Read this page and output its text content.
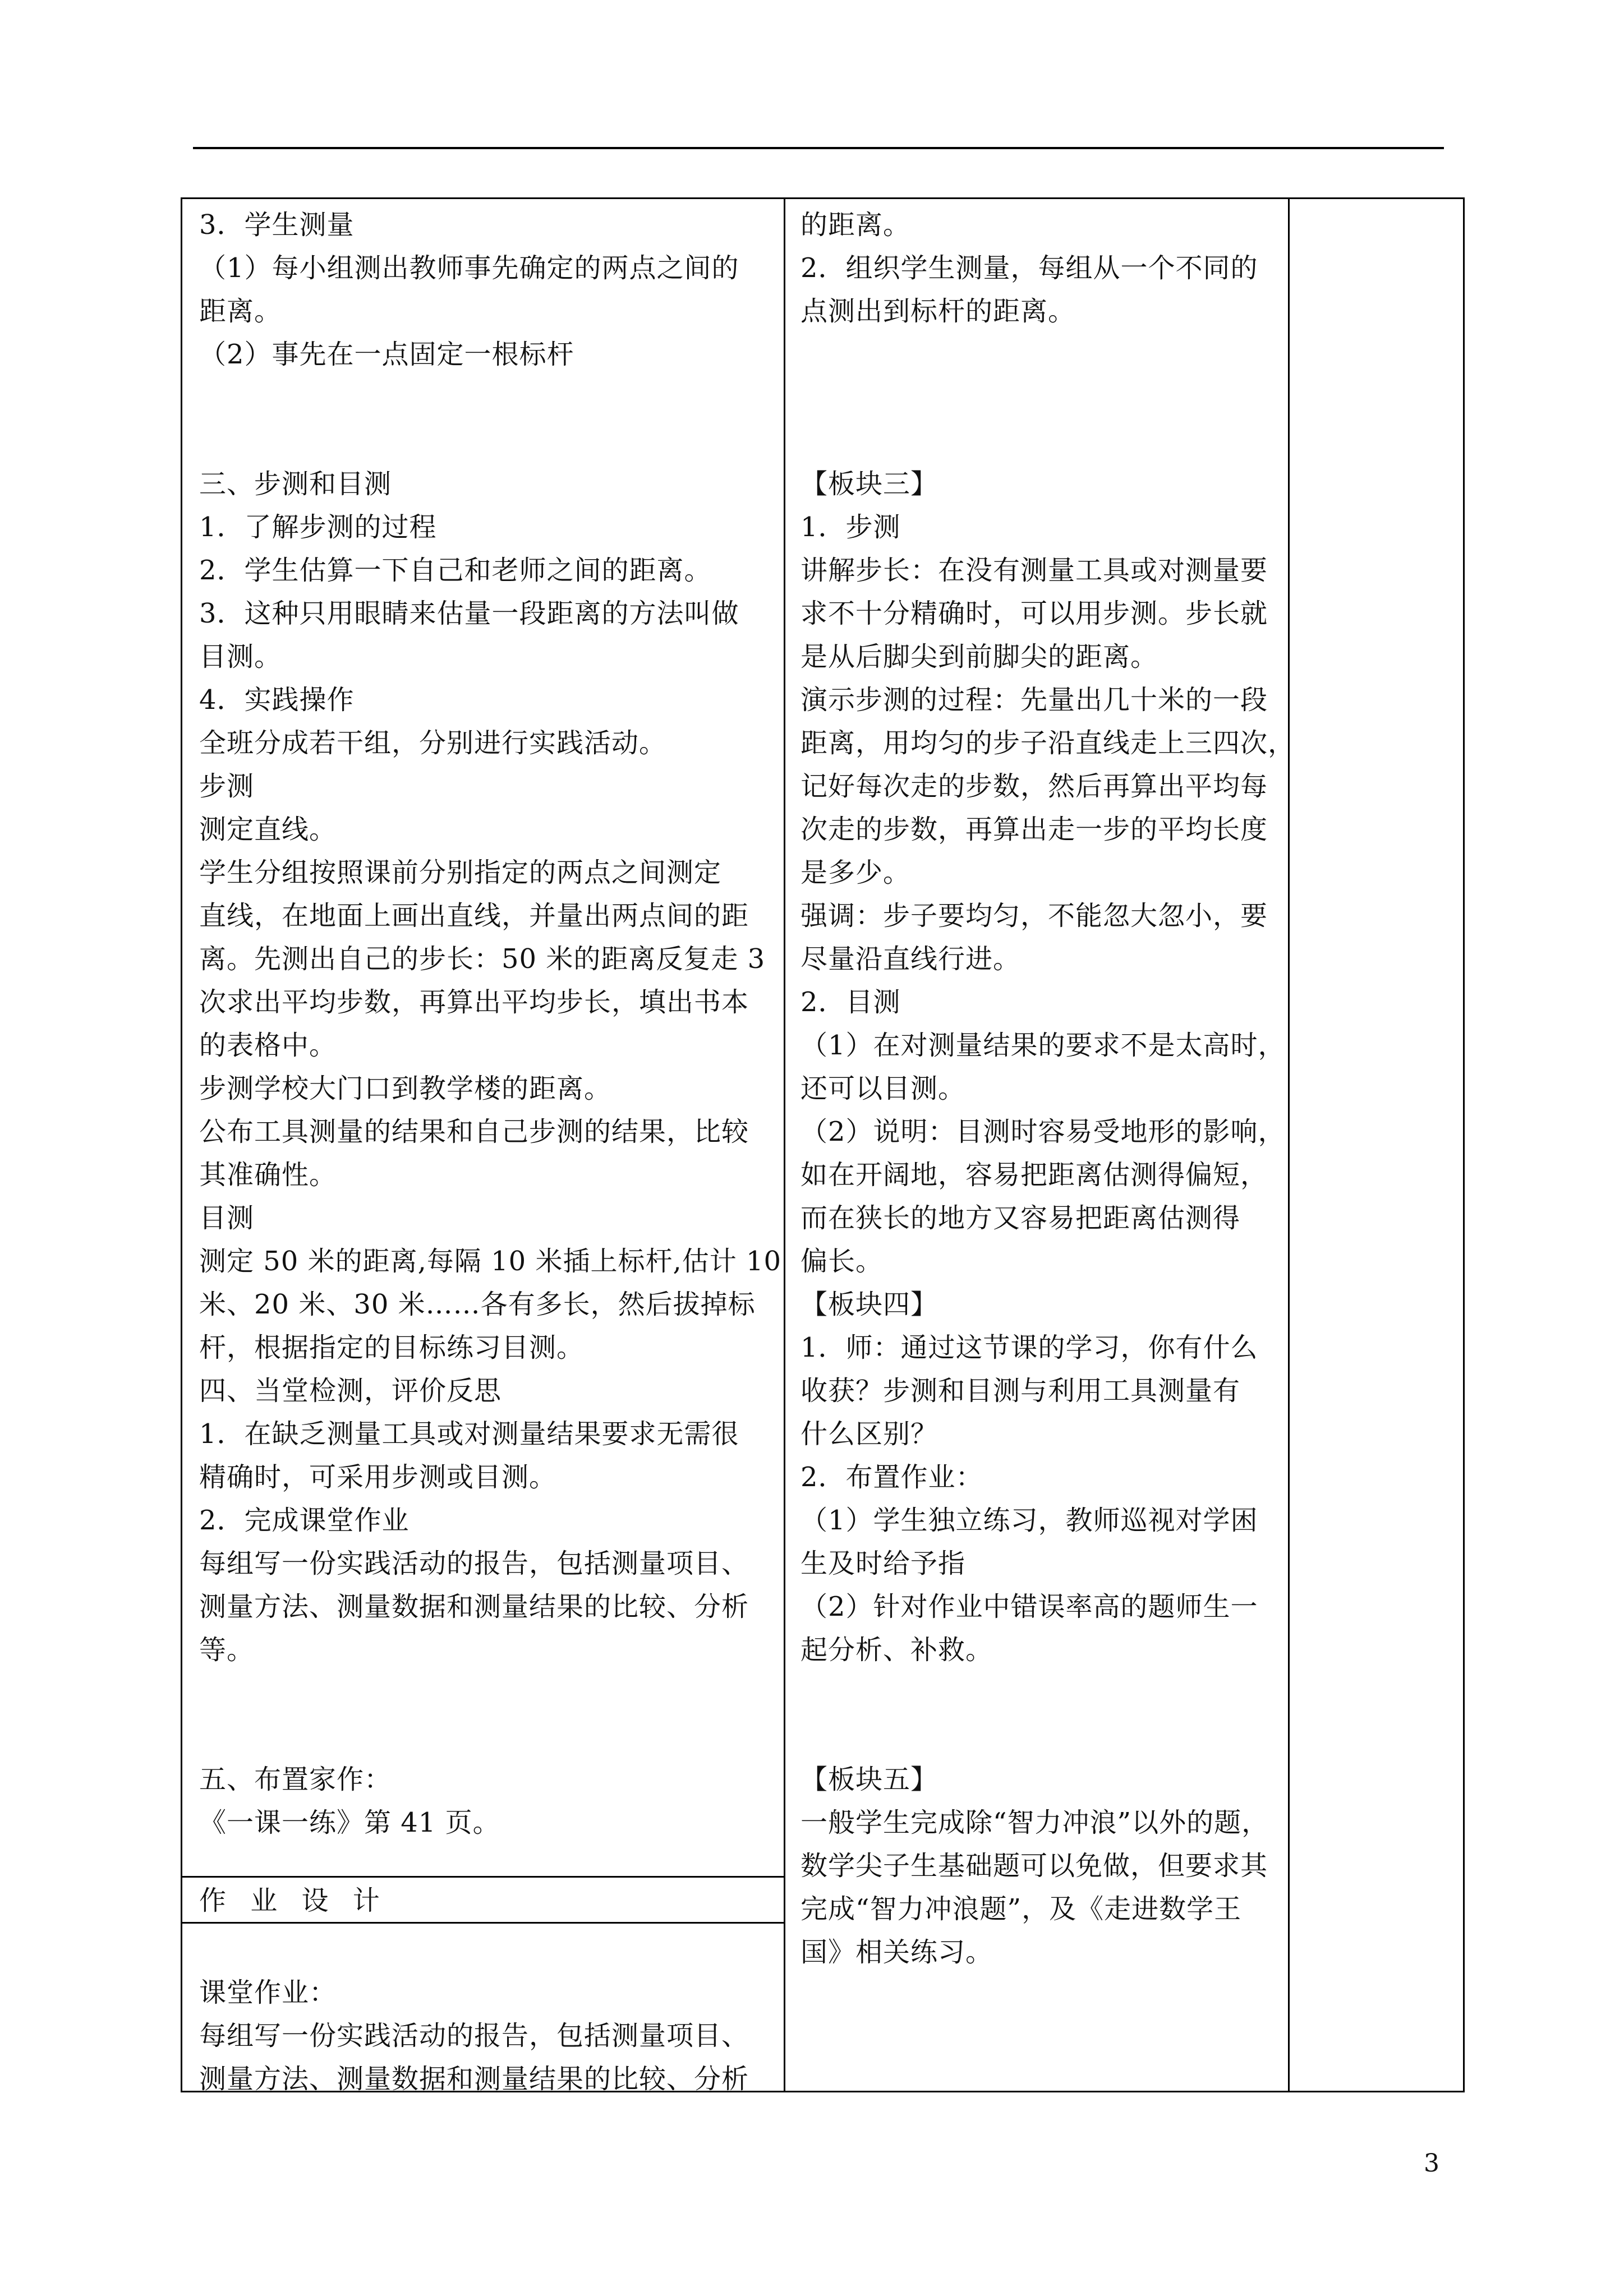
3．学生测量
（1）每小组测出教师事先确定的两点之间的
距离。
（2）事先在一点固定一根标杆
三、步测和目测
1．了解步测的过程
2．学生估算一下自己和老师之间的距离。
3．这种只用眼睛来估量一段距离的方法叫做
目测。
4．实践操作
全班分成若干组，分别进行实践活动。
步测
测定直线。
学生分组按照课前分别指定的两点之间测定
直线，在地面上画出直线，并量出两点间的距
离。先测出自己的步长：50 米的距离反复走 3
次求出平均步数，再算出平均步长，填出书本
的表格中。
步测学校大门口到教学楼的距离。
公布工具测量的结果和自己步测的结果，比较
其准确性。
目测
测定 50 米的距离,每隔 10 米插上标杆,估计 10
米、20 米、30 米……各有多长，然后拔掉标
杆，根据指定的目标练习目测。
四、当堂检测，评价反思
1．在缺乏测量工具或对测量结果要求无需很
精确时，可采用步测或目测。
2．完成课堂作业
每组写一份实践活动的报告，包括测量项目、
测量方法、测量数据和测量结果的比较、分析
等。
五、布置家作：
《一课一练》第 41 页。
作 业 设 计
课堂作业：
每组写一份实践活动的报告，包括测量项目、
测量方法、测量数据和测量结果的比较、分析
的距离。
2．组织学生测量，每组从一个不同的
点测出到标杆的距离。
【板块三】
1．步测
讲解步长：在没有测量工具或对测量要
求不十分精确时，可以用步测。步长就
是从后脚尖到前脚尖的距离。
演示步测的过程：先量出几十米的一段
距离，用均匀的步子沿直线走上三四次，
记好每次走的步数，然后再算出平均每
次走的步数，再算出走一步的平均长度
是多少。
强调：步子要均匀，不能忽大忽小，要
尽量沿直线行进。
2．目测
（1）在对测量结果的要求不是太高时，
还可以目测。
（2）说明：目测时容易受地形的影响，
如在开阔地，容易把距离估测得偏短，
而在狭长的地方又容易把距离估测得
偏长。
【板块四】
1．师：通过这节课的学习，你有什么
收获？步测和目测与利用工具测量有
什么区别？
2．布置作业：
（1）学生独立练习，教师巡视对学困
生及时给予指
（2）针对作业中错误率高的题师生一
起分析、补救。
【板块五】
一般学生完成除“智力冲浪”以外的题，
数学尖子生基础题可以免做，但要求其
完成“智力冲浪题”，及《走进数学王
国》相关练习。
3
